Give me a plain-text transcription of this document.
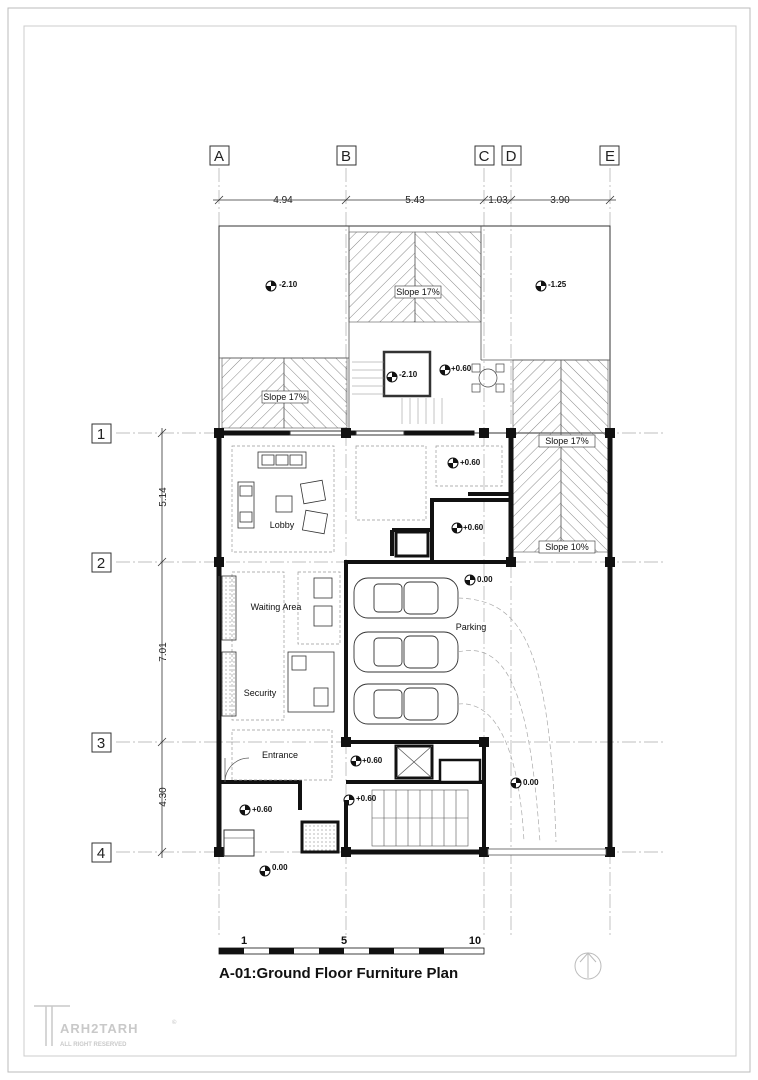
A	B	C D	E
1
2
3
4
4.94	5.43	1.03	3.90
5.14
7.01
4.30
Slope 17%
Slope 17%
Slope 17%
Slope 10%
-2.10	-1.25
-2.10
+0.60
+0.60
+0.60
0.00
+0.60
+0.60
0.00
+0.60
0.00
Lobby
Waiting Area
Security
Entrance
Parking
1	5	10
A-01:Ground Floor Furniture Plan
ARH2TARH	©
ALL RIGHT RESERVED
